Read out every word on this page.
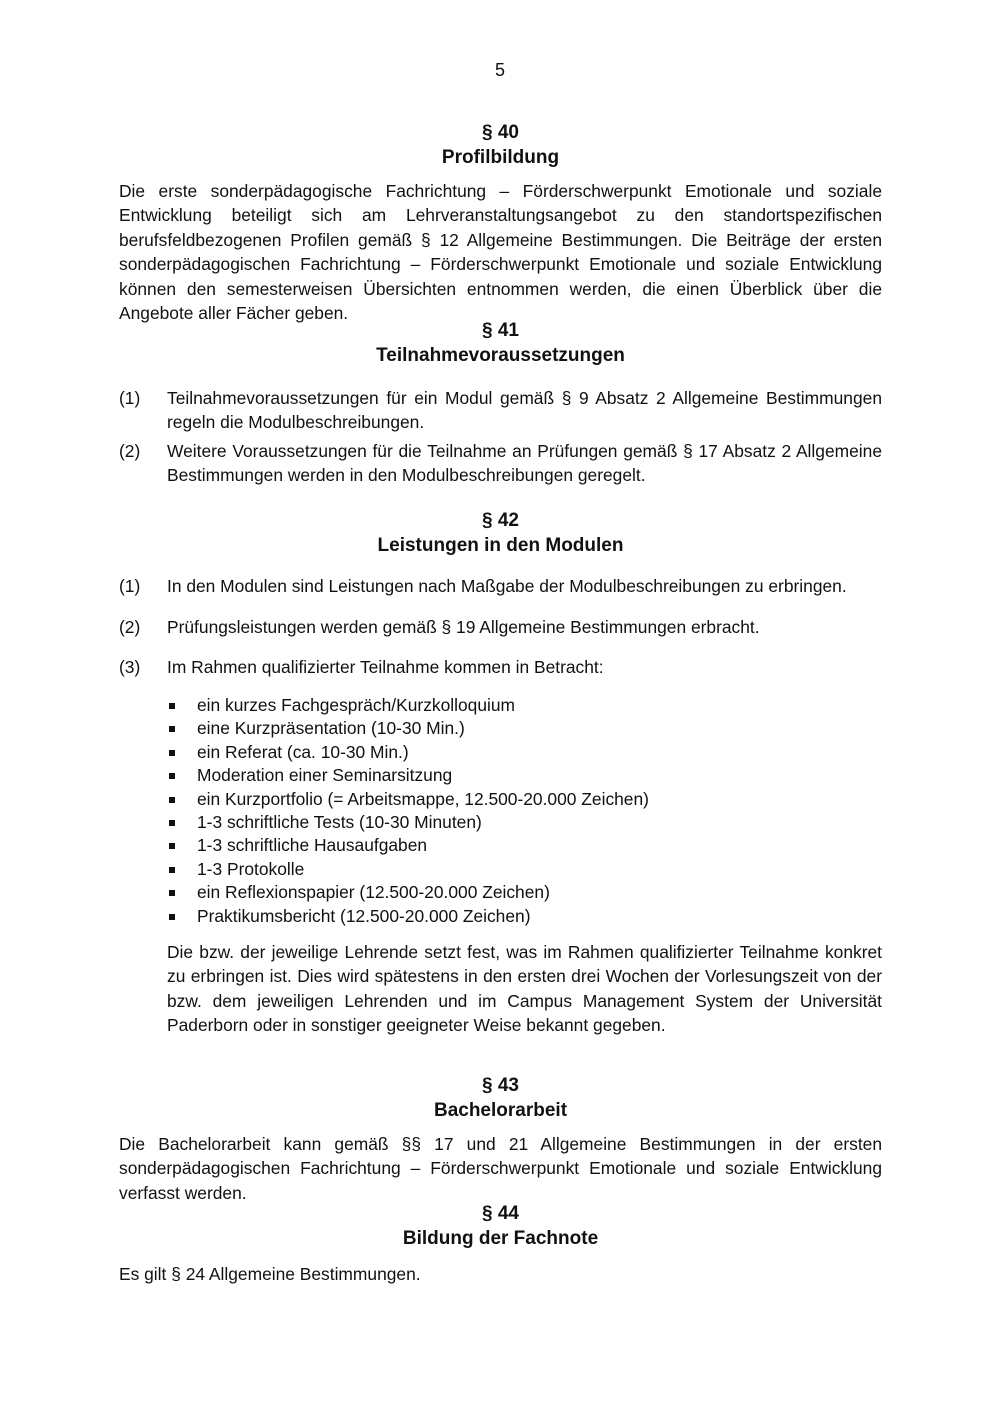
5
§ 40
Profilbildung
Die erste sonderpädagogische Fachrichtung – Förderschwerpunkt Emotionale und soziale Entwicklung beteiligt sich am Lehrveranstaltungsangebot zu den standortspezifischen berufsfeldbezogenen Profilen gemäß § 12 Allgemeine Bestimmungen. Die Beiträge der ersten sonderpädagogischen Fachrichtung – Förderschwerpunkt Emotionale und soziale Entwicklung können den semesterweisen Übersichten entnommen werden, die einen Überblick über die Angebote aller Fächer geben.
§ 41
Teilnahmevoraussetzungen
(1)	Teilnahmevoraussetzungen für ein Modul gemäß § 9 Absatz 2 Allgemeine Bestimmungen regeln die Modulbeschreibungen.
(2)	Weitere Voraussetzungen für die Teilnahme an Prüfungen gemäß § 17 Absatz 2 Allgemeine Bestimmungen werden in den Modulbeschreibungen geregelt.
§ 42
Leistungen in den Modulen
(1)	In den Modulen sind Leistungen nach Maßgabe der Modulbeschreibungen zu erbringen.
(2)	Prüfungsleistungen werden gemäß § 19 Allgemeine Bestimmungen erbracht.
(3)	Im Rahmen qualifizierter Teilnahme kommen in Betracht:
ein kurzes Fachgespräch/Kurzkolloquium
eine Kurzpräsentation (10-30 Min.)
ein Referat (ca. 10-30 Min.)
Moderation einer Seminarsitzung
ein Kurzportfolio (= Arbeitsmappe, 12.500-20.000 Zeichen)
1-3 schriftliche Tests (10-30 Minuten)
1-3 schriftliche Hausaufgaben
1-3 Protokolle
ein Reflexionspapier (12.500-20.000 Zeichen)
Praktikumsbericht (12.500-20.000 Zeichen)
Die bzw. der jeweilige Lehrende setzt fest, was im Rahmen qualifizierter Teilnahme konkret zu erbringen ist. Dies wird spätestens in den ersten drei Wochen der Vorlesungszeit von der bzw. dem jeweiligen Lehrenden und im Campus Management System der Universität Paderborn oder in sonstiger geeigneter Weise bekannt gegeben.
§ 43
Bachelorarbeit
Die Bachelorarbeit kann gemäß §§ 17 und 21 Allgemeine Bestimmungen in der ersten sonderpädagogischen Fachrichtung – Förderschwerpunkt Emotionale und soziale Entwicklung verfasst werden.
§ 44
Bildung der Fachnote
Es gilt § 24 Allgemeine Bestimmungen.
